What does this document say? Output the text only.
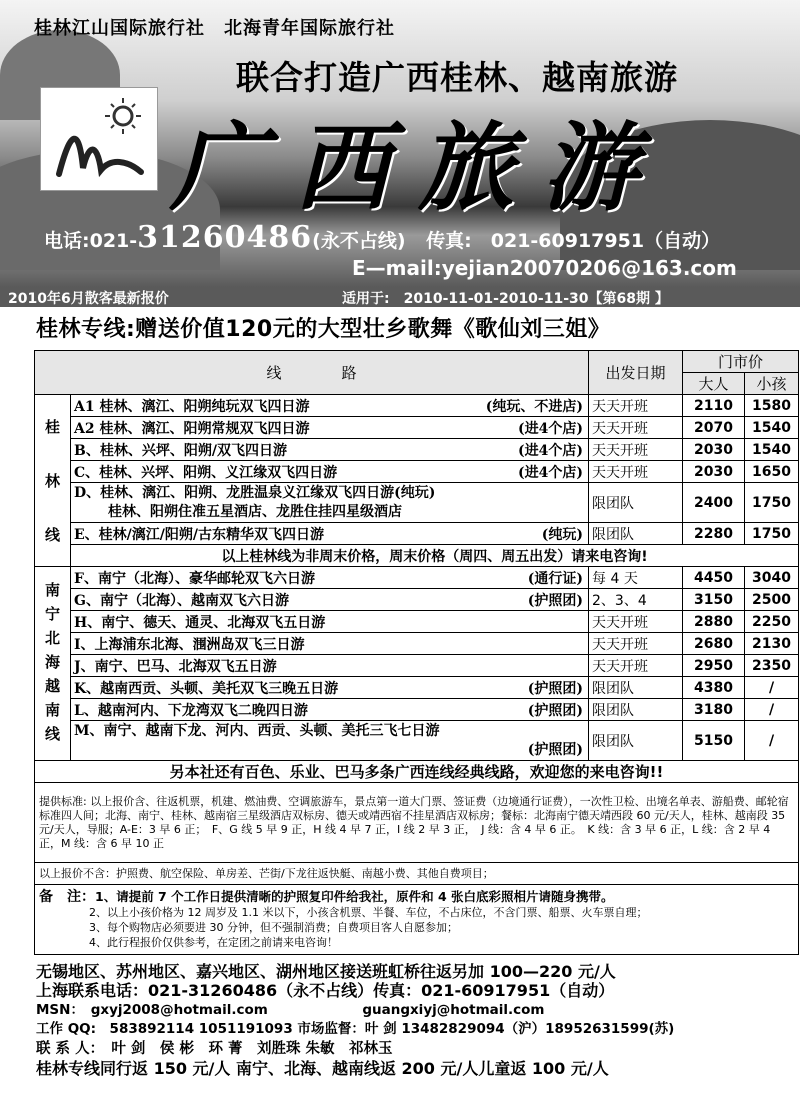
桂林江山国际旅行社　北海青年国际旅行社
联合打造广西桂林、越南旅游
广西旅游
电话:021-31260486(永不占线) 传真:　021-60917951（自动）
E—mail:yejian20070206@163.com
2010年6月散客最新报价	适用于:　2010-11-01-2010-11-30【第68期 】
桂林专线:赠送价值120元的大型壮乡歌舞《歌仙刘三姐》
线　　　　路		出发日期	门市价	
			大人	小孩
桂林线	A1 桂林、漓江、阳朔纯玩双飞四日游 (纯玩、不进店)	天天开班	2110	1580
	A2 桂林、漓江、阳朔常规双飞四日游 (进4个店)	天天开班	2070	1540
	B、桂林、兴坪、阳朔/双飞四日游 (进4个店)	天天开班	2030	1540
	C、桂林、兴坪、阳朔、义江缘双飞四日游 (进4个店)	天天开班	2030	1650
	D、桂林、漓江、阳朔、龙胜温泉义江缘双飞四日游(纯玩)
桂林、阳朔住准五星酒店、龙胜住挂四星级酒店	限团队	2400	1750
	E、桂林/漓江/阳朔/古东精华双飞四日游 (纯玩)	限团队	2280	1750
	以上桂林线为非周末价格，周末价格（周四、周五出发）请来电咨询!			
南宁北海越南线	F、南宁（北海）、豪华邮轮双飞六日游 (通行证)	每 4 天	4450	3040
	G、南宁（北海）、越南双飞六日游 (护照团)	2、3、4	3150	2500
	H、南宁、德天、通灵、北海双飞五日游	天天开班	2880	2250
	I、上海浦东北海、涠洲岛双飞三日游	天天开班	2680	2130
	J、南宁、巴马、北海双飞五日游	天天开班	2950	2350
	K、越南西贡、头顿、美托双飞三晚五日游 (护照团)	限团队	4380	/
	L、越南河内、下龙湾双飞二晚四日游 (护照团)	限团队	3180	/
	M、南宁、越南下龙、河内、西贡、头顿、美托三飞七日游

(护照团)	限团队	5150	/
另本社还有百色、乐业、巴马多条广西连线经典线路，欢迎您的来电咨询!!				
提供标准: 以上报价含、往返机票，机建、燃油费、空调旅游车，景点第一道大门票、签证费（边境通行证费），一次性卫检、出境名单表、游船费、邮轮宿标准四人间；北海、南宁、桂林、越南宿三星级酒店双标房、德天或靖西宿不挂星酒店双标房；餐标：北海南宁德天靖西段 60 元/天人，桂林、越南段 35 元/天人，导服；A-E：3 早 6 正；　F、G 线 5 早 9 正，H 线 4 早 7 正，I 线 2 早 3 正，　J 线：含 4 早 6 正。　K 线：含 3 早 6 正，L 线：含 2 早 4 正，M 线：含 6 早 10 正				
以上报价不含：护照费、航空保险、单房差、芒街/下龙往返快艇、南越小费、其他自费项目；				
备　注：1、请提前 7 个工作日提供清晰的护照复印件给我社，原件和 4 张白底彩照相片请随身携带。
2、以上小孩价格为 12 周岁及 1.1 米以下，小孩含机票、半餐、车位，不占床位，不含门票、船票、火车票自理；
3、每个购物店必须要进 30 分钟，但不强制消费；自费项目客人自愿参加；
4、此行程报价仅供参考，在定团之前请来电咨询！				
无锡地区、苏州地区、嘉兴地区、湖州地区接送班虹桥往返另加 100—220 元/人
上海联系电话：021-31260486（永不占线）传真：021-60917951（自动）
MSN：　gxyj2008@hotmail.com　　　　　　　guangxiyj@hotmail.com
工作 QQ:　583892114 1051191093 市场监督：叶 剑 13482829094（沪）18952631599(苏)
联 系 人：　叶 剑　侯 彬　环 菁　刘胜珠 朱敏　祁林玉
桂林专线同行返 150 元/人 南宁、北海、越南线返 200 元/人儿童返 100 元/人
